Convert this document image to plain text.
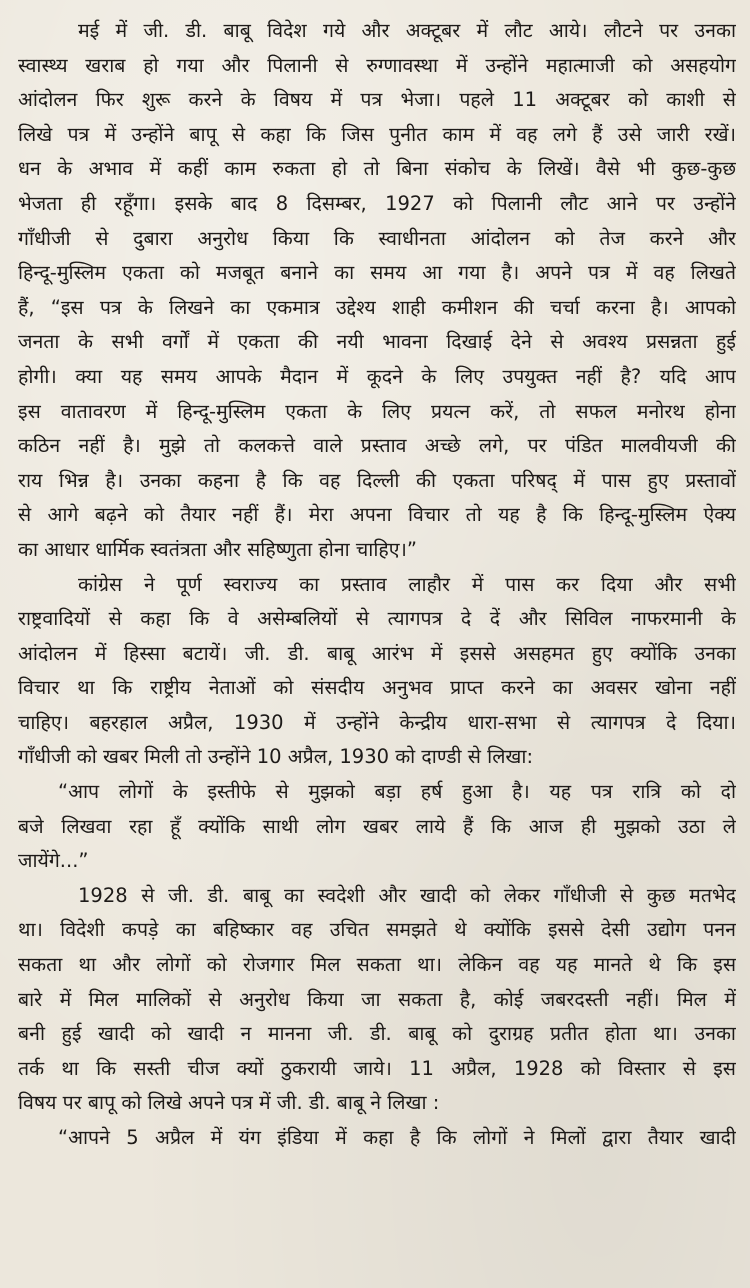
मई में जी. डी. बाबू विदेश गये और अक्टूबर में लौट आये। लौटने पर उनका
स्वास्थ्य खराब हो गया और पिलानी से रुग्णावस्था में उन्होंने महात्माजी को असहयोग
आंदोलन फिर शुरू करने के विषय में पत्र भेजा। पहले 11 अक्टूबर को काशी से
लिखे पत्र में उन्होंने बापू से कहा कि जिस पुनीत काम में वह लगे हैं उसे जारी रखें।
धन के अभाव में कहीं काम रुकता हो तो बिना संकोच के लिखें। वैसे भी कुछ-कुछ
भेजता ही रहूँगा। इसके बाद 8 दिसम्बर, 1927 को पिलानी लौट आने पर उन्होंने
गाँधीजी से दुबारा अनुरोध किया कि स्वाधीनता आंदोलन को तेज करने और
हिन्दू-मुस्लिम एकता को मजबूत बनाने का समय आ गया है। अपने पत्र में वह लिखते
हैं, “इस पत्र के लिखने का एकमात्र उद्देश्य शाही कमीशन की चर्चा करना है। आपको
जनता के सभी वर्गों में एकता की नयी भावना दिखाई देने से अवश्य प्रसन्नता हुई
होगी। क्या यह समय आपके मैदान में कूदने के लिए उपयुक्त नहीं है? यदि आप
इस वातावरण में हिन्दू-मुस्लिम एकता के लिए प्रयत्न करें, तो सफल मनोरथ होना
कठिन नहीं है। मुझे तो कलकत्ते वाले प्रस्ताव अच्छे लगे, पर पंडित मालवीयजी की
राय भिन्न है। उनका कहना है कि वह दिल्ली की एकता परिषद् में पास हुए प्रस्तावों
से आगे बढ़ने को तैयार नहीं हैं। मेरा अपना विचार तो यह है कि हिन्दू-मुस्लिम ऐक्य
का आधार धार्मिक स्वतंत्रता और सहिष्णुता होना चाहिए।”
कांग्रेस ने पूर्ण स्वराज्य का प्रस्ताव लाहौर में पास कर दिया और सभी
राष्ट्रवादियों से कहा कि वे असेम्बलियों से त्यागपत्र दे दें और सिविल नाफरमानी के
आंदोलन में हिस्सा बटायें। जी. डी. बाबू आरंभ में इससे असहमत हुए क्योंकि उनका
विचार था कि राष्ट्रीय नेताओं को संसदीय अनुभव प्राप्त करने का अवसर खोना नहीं
चाहिए। बहरहाल अप्रैल, 1930 में उन्होंने केन्द्रीय धारा-सभा से त्यागपत्र दे दिया।
गाँधीजी को खबर मिली तो उन्होंने 10 अप्रैल, 1930 को दाण्डी से लिखा:
“आप लोगों के इस्तीफे से मुझको बड़ा हर्ष हुआ है। यह पत्र रात्रि को दो
बजे लिखवा रहा हूँ क्योंकि साथी लोग खबर लाये हैं कि आज ही मुझको उठा ले
जायेंगे...”
1928 से जी. डी. बाबू का स्वदेशी और खादी को लेकर गाँधीजी से कुछ मतभेद
था। विदेशी कपड़े का बहिष्कार वह उचित समझते थे क्योंकि इससे देसी उद्योग पनन
सकता था और लोगों को रोजगार मिल सकता था। लेकिन वह यह मानते थे कि इस
बारे में मिल मालिकों से अनुरोध किया जा सकता है, कोई जबरदस्ती नहीं। मिल में
बनी हुई खादी को खादी न मानना जी. डी. बाबू को दुराग्रह प्रतीत होता था। उनका
तर्क था कि सस्ती चीज क्यों ठुकरायी जाये। 11 अप्रैल, 1928 को विस्तार से इस
विषय पर बापू को लिखे अपने पत्र में जी. डी. बाबू ने लिखा :
“आपने 5 अप्रैल में यंग इंडिया में कहा है कि लोगों ने मिलों द्वारा तैयार खादी
